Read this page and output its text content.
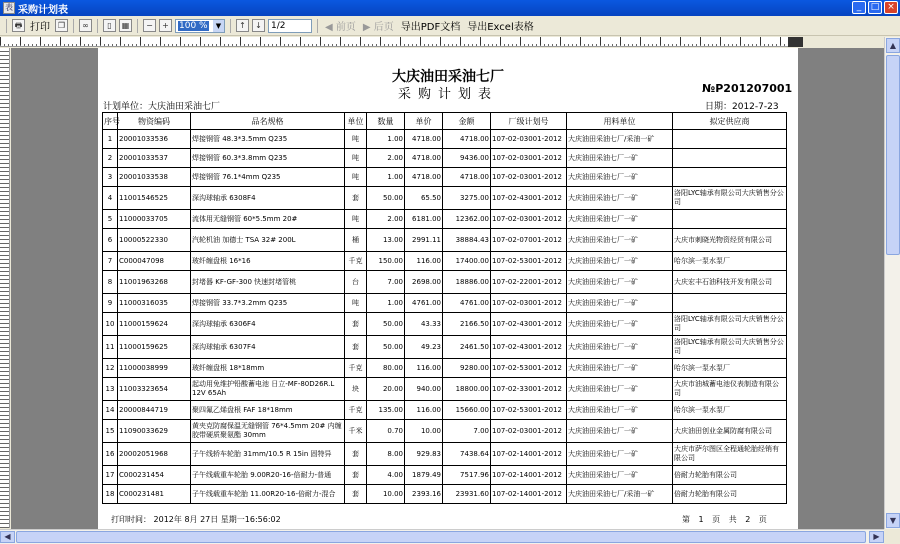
表 采购计划表	_	□ ×
🖶 打印 ❐	∞	▯	▦	−	+	100 %	▼	↑	↓	1/2	◀ 前页 ▶ 后页 导出PDF文档 导出Excel表格
大庆油田采油七厂
采购计划表	№P201207001
计划单位：大庆油田采油七厂	日期：2012-7-23
序号	物资编码	品名规格	单位	数量	单价	金额	厂级计划号	用料单位	拟定供应商
1	20001033536	焊接钢管 48.3*3.5mm Q235	吨	1.00	4718.00	4718.00	107-02-03001-2012	大庆油田采油七厂/采油一矿	
2	20001033537	焊接钢管 60.3*3.8mm Q235	吨	2.00	4718.00	9436.00	107-02-03001-2012	大庆油田采油七厂一矿	
3	20001033538	焊接钢管 76.1*4mm Q235	吨	1.00	4718.00	4718.00	107-02-03001-2012	大庆油田采油七厂一矿	
4	11001546525	深沟球轴承 6308F4	套	50.00	65.50	3275.00	107-02-43001-2012	大庆油田采油七厂一矿	洛阳LYC轴承有限公司大庆销售分公司
5	11000033705	流体用无缝钢管 60*5.5mm 20#	吨	2.00	6181.00	12362.00	107-02-03001-2012	大庆油田采油七厂一矿	
6	10000522330	汽轮机油 加德士 TSA 32# 200L	桶	13.00	2991.11	38884.43	107-02-07001-2012	大庆油田采油七厂一矿	大庆市刺晓光物资经贸有限公司
7	C000047098	玻纤缠盘根 16*16	千克	150.00	116.00	17400.00	107-02-53001-2012	大庆油田采油七厂一矿	哈尔滨一泵水泵厂
8	11001963268	封堵器 KF-GF-300 快速封堵管桃	台	7.00	2698.00	18886.00	107-02-22001-2012	大庆油田采油七厂一矿	大庆宏丰石油科技开发有限公司
9	11000316035	焊接钢管 33.7*3.2mm Q235	吨	1.00	4761.00	4761.00	107-02-03001-2012	大庆油田采油七厂一矿	
10	11000159624	深沟球轴承 6306F4	套	50.00	43.33	2166.50	107-02-43001-2012	大庆油田采油七厂一矿	洛阳LYC轴承有限公司大庆销售分公司
11	11000159625	深沟球轴承 6307F4	套	50.00	49.23	2461.50	107-02-43001-2012	大庆油田采油七厂一矿	洛阳LYC轴承有限公司大庆销售分公司
12	11000038999	玻纤缠盘根 18*18mm	千克	80.00	116.00	9280.00	107-02-53001-2012	大庆油田采油七厂一矿	哈尔滨一泵水泵厂
13	11003323654	起动用免维护铅酸蓄电池 日立-MF-80D26R.L 12V 65Ah	块	20.00	940.00	18800.00	107-02-33001-2012	大庆油田采油七厂一矿	大庆市油城蓄电池仪表制造有限公司
14	20000844719	聚四氟乙烯盘根 FAF 18*18mm	千克	135.00	116.00	15660.00	107-02-53001-2012	大庆油田采油七厂一矿	哈尔滨一泵水泵厂
15	11090033629	黄夹克防腐保温无缝钢管 76*4.5mm 20# 内缠胶带硬质聚氨酯 30mm	千米	0.70	10.00	7.00	107-02-03001-2012	大庆油田采油七厂一矿	大庆油田创业金属防腐有限公司
16	20002051968	子午线轿车轮胎 31mm/10.5 R 15in 固特异	套	8.00	929.83	7438.64	107-02-14001-2012	大庆油田采油七厂一矿	大庆市萨尔图区全程通轮胎经销有限公司
17	C000231454	子午线载重车轮胎 9.00R20-16-倍耐力-普通	套	4.00	1879.49	7517.96	107-02-14001-2012	大庆油田采油七厂一矿	倍耐力轮胎有限公司
18	C000231481	子午线载重车轮胎 11.00R20-16-倍耐力-混合	套	10.00	2393.16	23931.60	107-02-14001-2012	大庆油田采油七厂/采油一矿	倍耐力轮胎有限公司
打印时间： 2012年 8月 27日 星期一16:56:02	第 1 页 共 2 页
▲
▼
◀	▶
